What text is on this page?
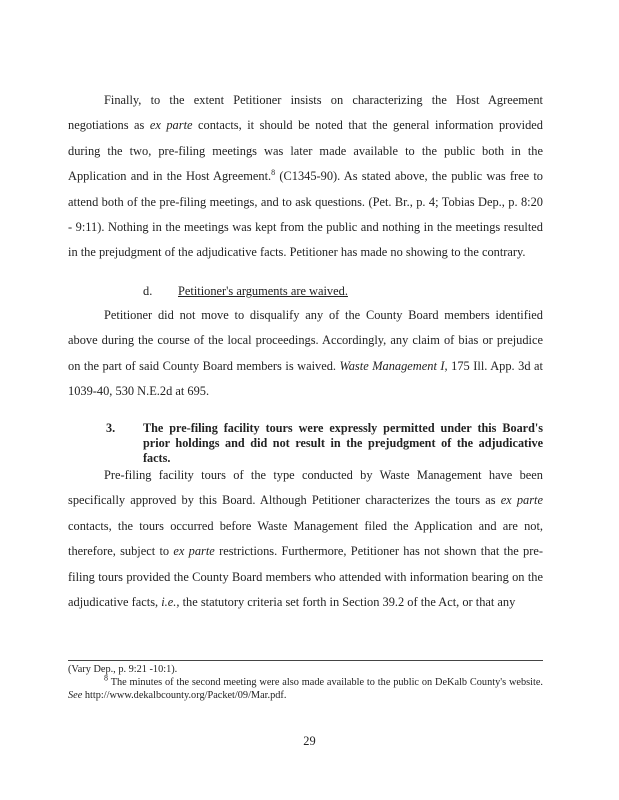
Finally, to the extent Petitioner insists on characterizing the Host Agreement negotiations as ex parte contacts, it should be noted that the general information provided during the two, pre-filing meetings was later made available to the public both in the Application and in the Host Agreement.$^8$ (C1345-90). As stated above, the public was free to attend both of the pre-filing meetings, and to ask questions. (Pet. Br., p. 4; Tobias Dep., p. 8:20 - 9:11). Nothing in the meetings was kept from the public and nothing in the meetings resulted in the prejudgment of the adjudicative facts. Petitioner has made no showing to the contrary.
d. Petitioner's arguments are waived.
Petitioner did not move to disqualify any of the County Board members identified above during the course of the local proceedings. Accordingly, any claim of bias or prejudice on the part of said County Board members is waived. Waste Management I, 175 Ill. App. 3d at 1039-40, 530 N.E.2d at 695.
3. The pre-filing facility tours were expressly permitted under this Board's prior holdings and did not result in the prejudgment of the adjudicative facts.
Pre-filing facility tours of the type conducted by Waste Management have been specifically approved by this Board. Although Petitioner characterizes the tours as ex parte contacts, the tours occurred before Waste Management filed the Application and are not, therefore, subject to ex parte restrictions. Furthermore, Petitioner has not shown that the pre-filing tours provided the County Board members who attended with information bearing on the adjudicative facts, i.e., the statutory criteria set forth in Section 39.2 of the Act, or that any
(Vary Dep., p. 9:21 -10:1).
$^8$ The minutes of the second meeting were also made available to the public on DeKalb County's website. See http://www.dekalbcounty.org/Packet/09/Mar.pdf.
29
